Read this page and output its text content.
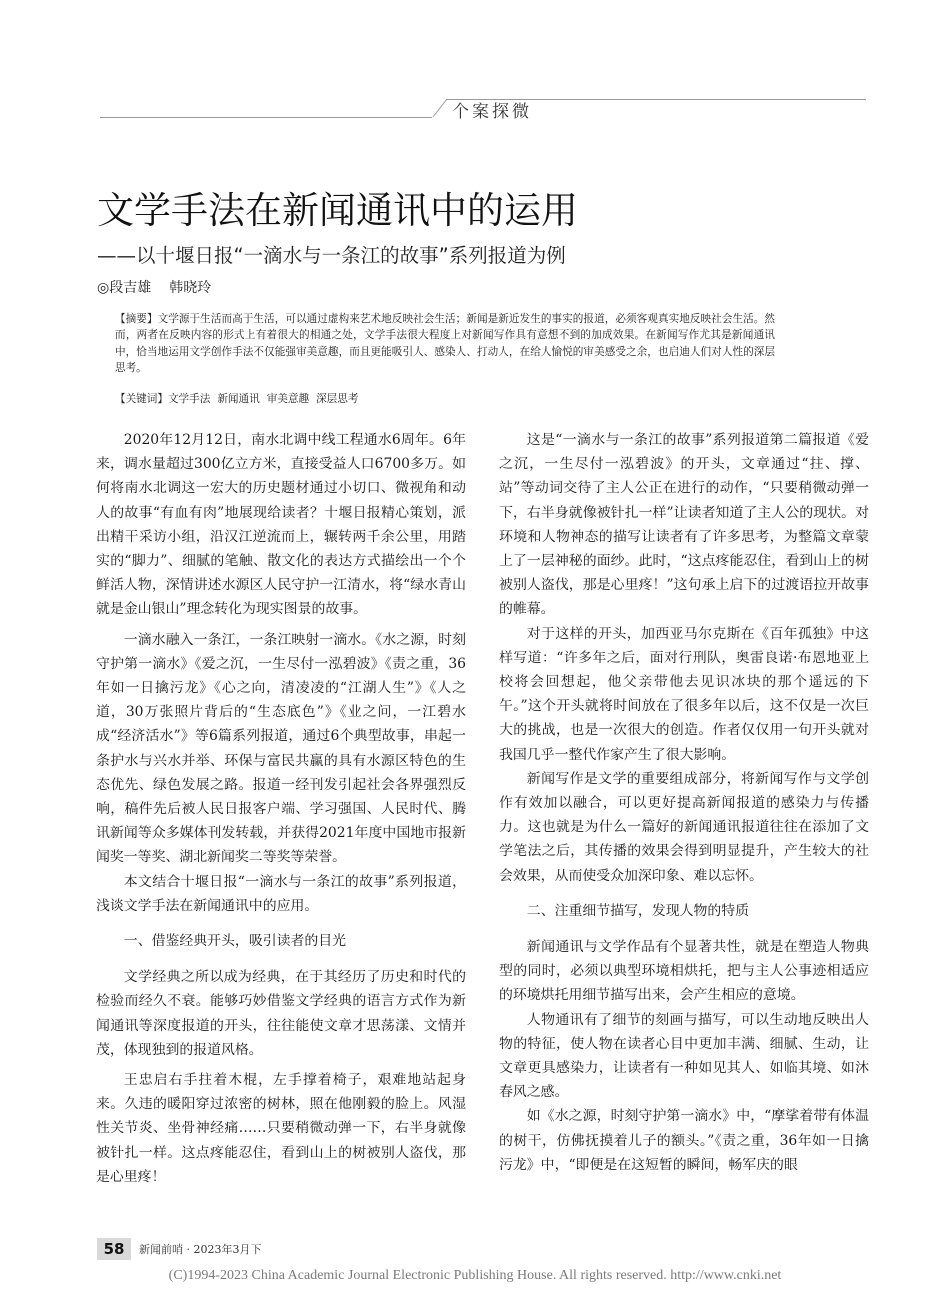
个案探微
文学手法在新闻通讯中的运用
——以十堰日报“一滴水与一条江的故事”系列报道为例
◎段吉雄 韩晓玲

【摘要】文学源于生活而高于生活，可以通过虚构来艺术地反映社会生活；新闻是新近发生的事实的报道，必须客观真实地反映社会生活。然而，两者在反映内容的形式上有着很大的相通之处，文学手法很大程度上对新闻写作具有意想不到的加成效果。在新闻写作尤其是新闻通讯中，恰当地运用文学创作手法不仅能强审美意趣，而且更能吸引人、感染人、打动人，在给人愉悦的审美感受之余，也启迪人们对人性的深层思考。

【关键词】文学手法 新闻通讯 审美意趣 深层思考

2020年12月12日，南水北调中线工程通水6周年。6年来，调水量超过300亿立方米，直接受益人口6700多万。如何将南水北调这一宏大的历史题材通过小切口、微视角和动人的故事“有血有肉”地展现给读者？十堰日报精心策划，派出精干采访小组，沿汉江逆流而上，辗转两千余公里，用踏实的“脚力”、细腻的笔触、散文化的表达方式描绘出一个个鲜活人物，深情讲述水源区人民守护一江清水，将“绿水青山就是金山银山”理念转化为现实图景的故事。

一滴水融入一条江，一条江映射一滴水。《水之源，时刻守护第一滴水》《爱之沉，一生尽付一泓碧波》《责之重，36年如一日擒污龙》《心之向，清凌凌的“江湖人生”》《人之道，30万张照片背后的“生态底色”》《业之问，一江碧水成“经济活水”》等6篇系列报道，通过6个典型故事，串起一条护水与兴水并举、环保与富民共赢的具有水源区特色的生态优先、绿色发展之路。报道一经刊发引起社会各界强烈反响，稿件先后被人民日报客户端、学习强国、人民时代、腾讯新闻等众多媒体刊发转载，并获得2021年度中国地市报新闻奖一等奖、湖北新闻奖二等奖等荣誉。

本文结合十堰日报“一滴水与一条江的故事”系列报道，浅谈文学手法在新闻通讯中的应用。

一、借鉴经典开头，吸引读者的目光

文学经典之所以成为经典，在于其经历了历史和时代的检验而经久不衰。能够巧妙借鉴文学经典的语言方式作为新闻通讯等深度报道的开头，往往能使文章才思荡漾、文情并茂，体现独到的报道风格。

王忠启右手拄着木棍，左手撑着椅子，艰难地站起身来。久违的暖阳穿过浓密的树林，照在他刚毅的脸上。风湿性关节炎、坐骨神经痛……只要稍微动弹一下，右半身就像被针扎一样。这点疼能忍住，看到山上的树被别人盗伐，那是心里疼！

这是“一滴水与一条江的故事”系列报道第二篇报道《爱之沉，一生尽付一泓碧波》的开头，文章通过“拄、撑、站”等动词交待了主人公正在进行的动作，“只要稍微动弹一下，右半身就像被针扎一样”让读者知道了主人公的现状。对环境和人物神态的描写让读者有了许多思考，为整篇文章蒙上了一层神秘的面纱。此时，“这点疼能忍住，看到山上的树被别人盗伐，那是心里疼！”这句承上启下的过渡语拉开故事的帷幕。

对于这样的开头，加西亚马尔克斯在《百年孤独》中这样写道：“许多年之后，面对行刑队，奥雷良诺·布恩地亚上校将会回想起，他父亲带他去见识冰块的那个遥远的下午。”这个开头就将时间放在了很多年以后，这不仅是一次巨大的挑战，也是一次很大的创造。作者仅仅用一句开头就对我国几乎一整代作家产生了很大影响。

新闻写作是文学的重要组成部分，将新闻写作与文学创作有效加以融合，可以更好提高新闻报道的感染力与传播力。这也就是为什么一篇好的新闻通讯报道往往在添加了文学笔法之后，其传播的效果会得到明显提升，产生较大的社会效果，从而使受众加深印象、难以忘怀。

二、注重细节描写，发现人物的特质

新闻通讯与文学作品有个显著共性，就是在塑造人物典型的同时，必须以典型环境相烘托，把与主人公事迹相适应的环境烘托用细节描写出来，会产生相应的意境。

人物通讯有了细节的刻画与描写，可以生动地反映出人物的特征，使人物在读者心目中更加丰满、细腻、生动，让文章更具感染力，让读者有一种如见其人、如临其境、如沐春风之感。

如《水之源，时刻守护第一滴水》中，“摩挲着带有体温的树干，仿佛抚摸着儿子的额头。”《责之重，36年如一日擒污龙》中，“即便是在这短暂的瞬间，畅军庆的眼

58	新闻前哨 · 2023年3月下
(C)1994-2023 China Academic Journal Electronic Publishing House. All rights reserved. http://www.cnki.net
